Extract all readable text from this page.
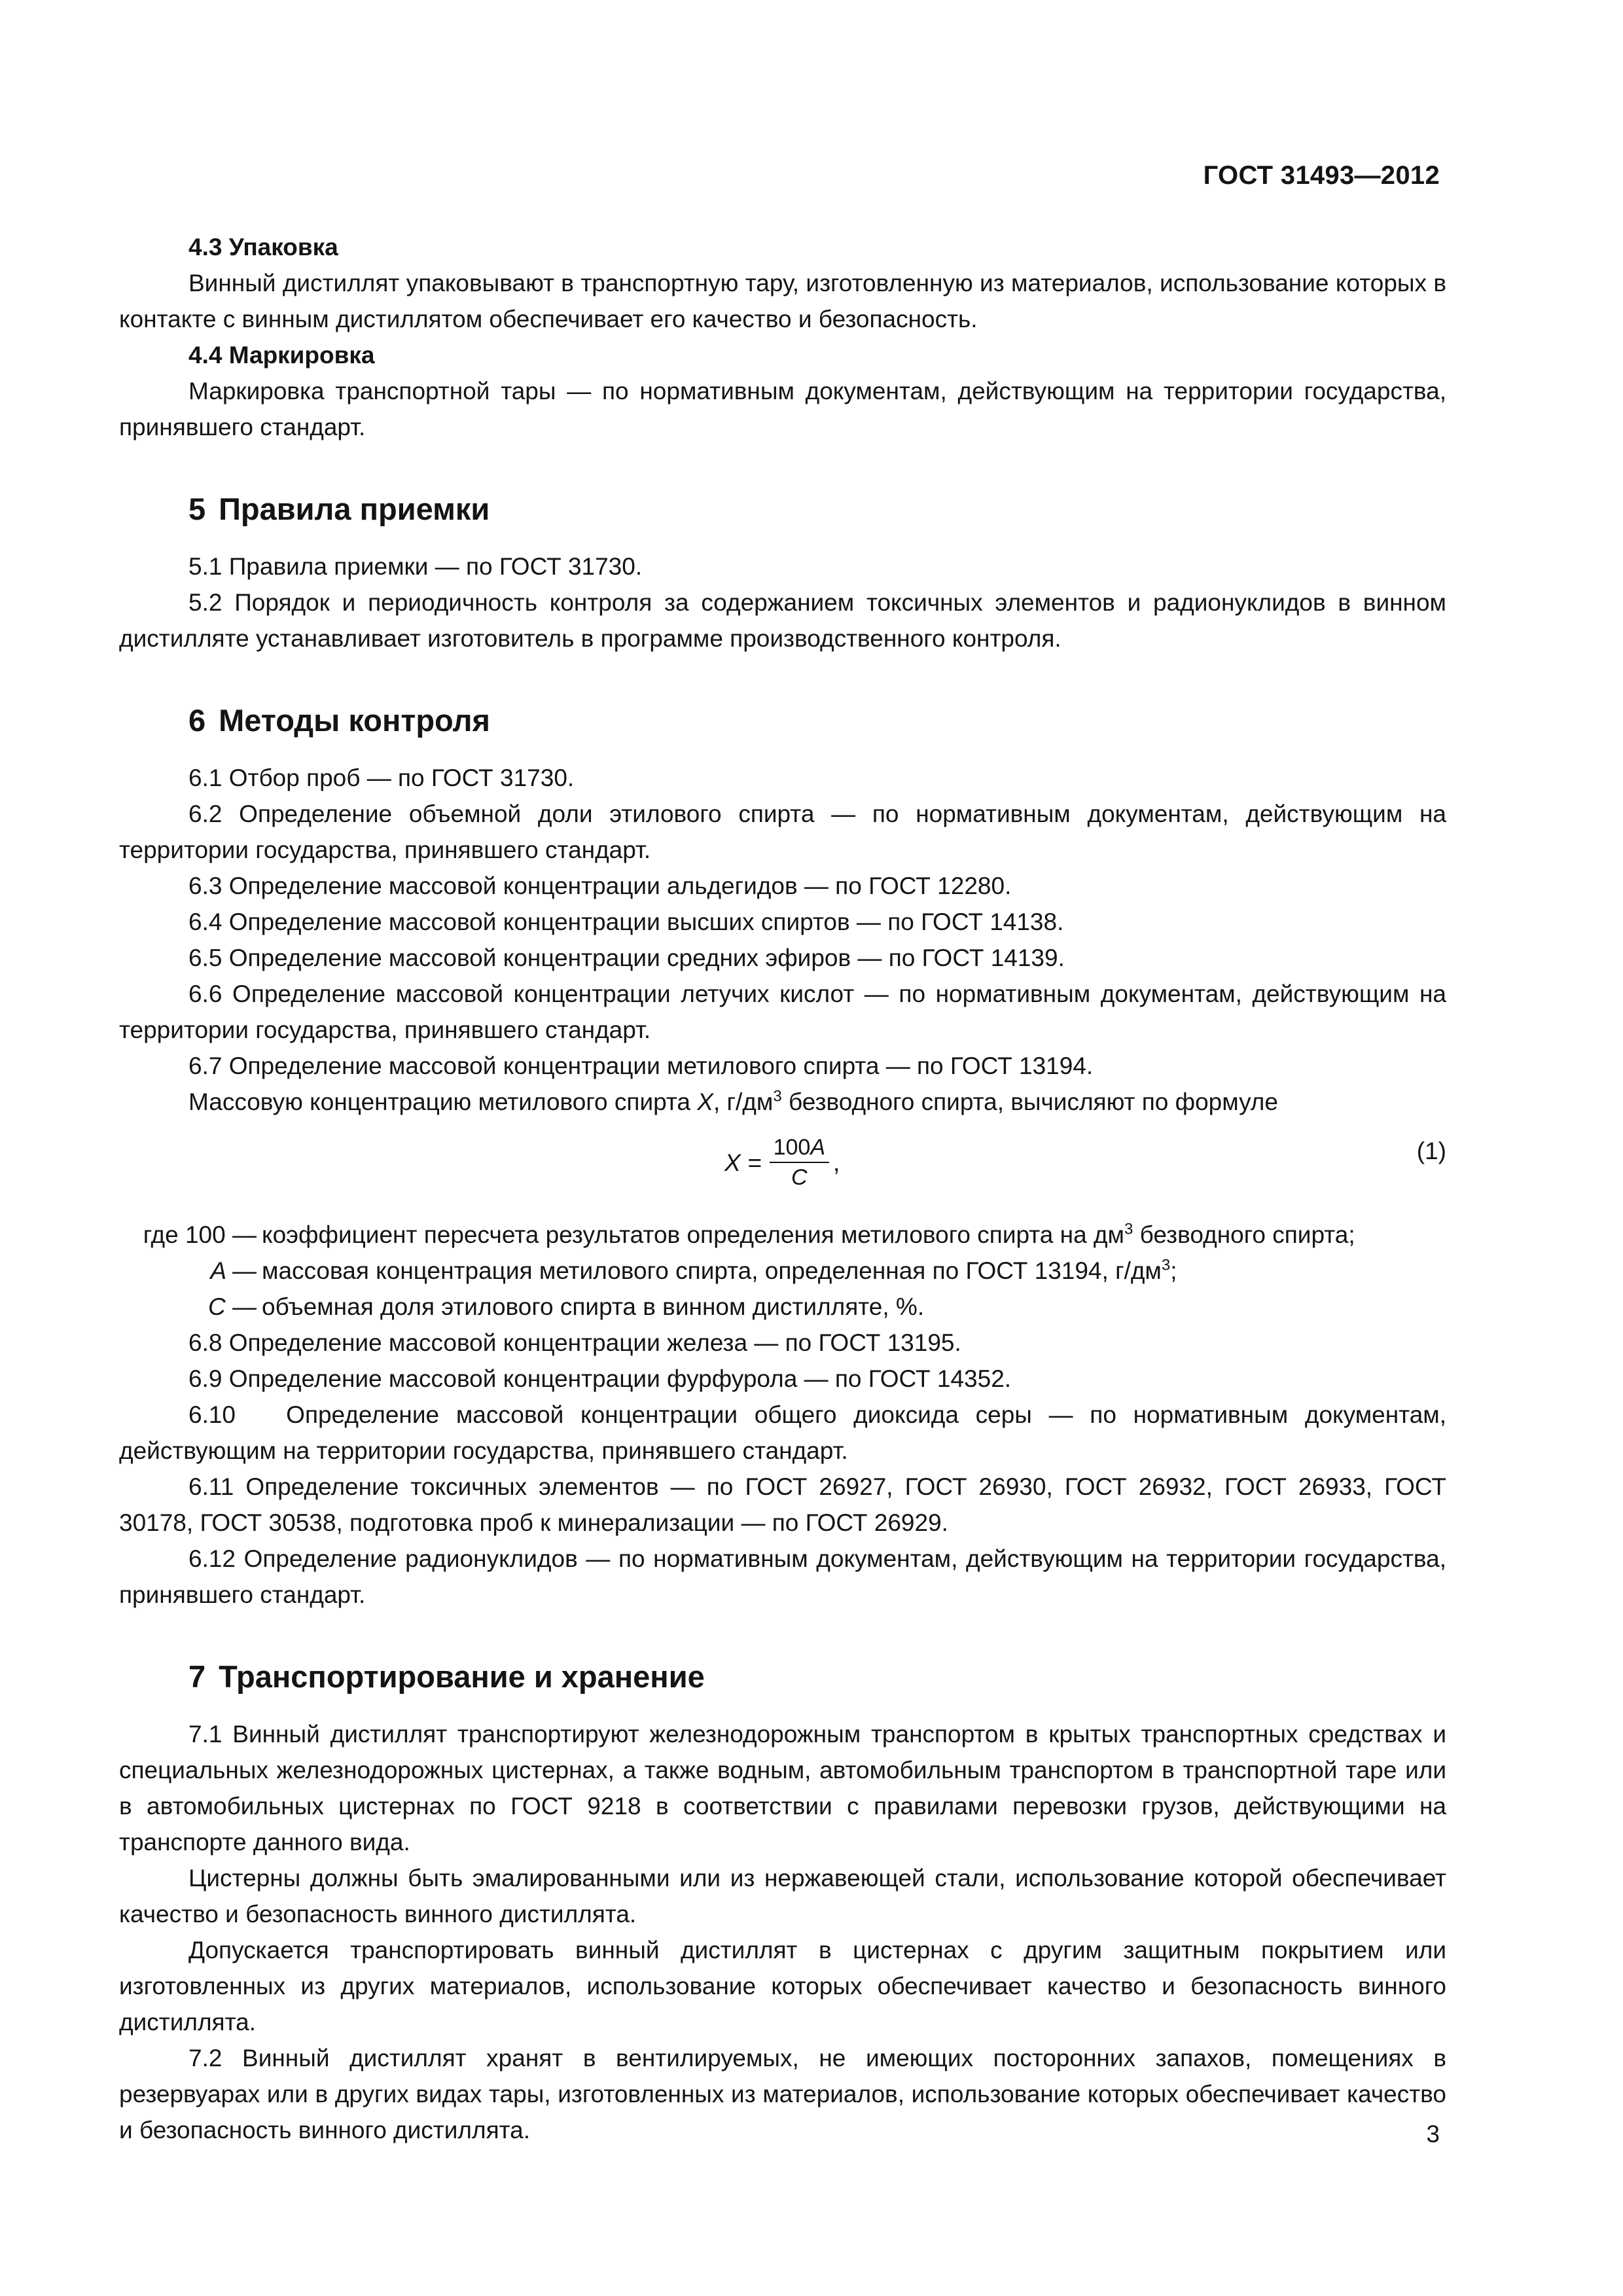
ГОСТ 31493—2012

4.3 Упаковка

Винный дистиллят упаковывают в транспортную тару, изготовленную из материалов, использование которых в контакте с винным дистиллятом обеспечивает его качество и безопасность.

4.4 Маркировка

Маркировка транспортной тары — по нормативным документам, действующим на территории государства, принявшего стандарт.

5 Правила приемки

5.1 Правила приемки — по ГОСТ 31730.

5.2 Порядок и периодичность контроля за содержанием токсичных элементов и радионуклидов в винном дистилляте устанавливает изготовитель в программе производственного контроля.

6 Методы контроля

6.1 Отбор проб — по ГОСТ 31730.

6.2 Определение объемной доли этилового спирта — по нормативным документам, действующим на территории государства, принявшего стандарт.

6.3 Определение массовой концентрации альдегидов — по ГОСТ 12280.

6.4 Определение массовой концентрации высших спиртов — по ГОСТ 14138.

6.5 Определение массовой концентрации средних эфиров — по ГОСТ 14139.

6.6 Определение массовой концентрации летучих кислот — по нормативным документам, действующим на территории государства, принявшего стандарт.

6.7 Определение массовой концентрации метилового спирта — по ГОСТ 13194.

Массовую концентрацию метилового спирта X, $г/дм^3$ безводного спирта, вычисляют по формуле

$X = \frac{100A}{C}$ ,	(1)
где 100 — коэффициент пересчета результатов определения метилового спирта на $дм^3$ безводного спирта;
A — массовая концентрация метилового спирта, определенная по ГОСТ 13194, $г/дм^3$;
C — объемная доля этилового спирта в винном дистилляте, %.

6.8 Определение массовой концентрации железа — по ГОСТ 13195.

6.9 Определение массовой концентрации фурфурола — по ГОСТ 14352.

6.10   Определение массовой концентрации общего диоксида серы — по нормативным документам, действующим на территории государства, принявшего стандарт.

6.11 Определение токсичных элементов — по ГОСТ 26927, ГОСТ 26930, ГОСТ 26932, ГОСТ 26933, ГОСТ 30178, ГОСТ 30538, подготовка проб к минерализации — по ГОСТ 26929.

6.12 Определение радионуклидов — по нормативным документам, действующим на территории государства, принявшего стандарт.

7 Транспортирование и хранение

7.1 Винный дистиллят транспортируют железнодорожным транспортом в крытых транспортных средствах и специальных железнодорожных цистернах, а также водным, автомобильным транспортом в транспортной таре или в автомобильных цистернах по ГОСТ 9218 в соответствии с правилами перевозки грузов, действующими на транспорте данного вида.

Цистерны должны быть эмалированными или из нержавеющей стали, использование которой обеспечивает качество и безопасность винного дистиллята.

Допускается транспортировать винный дистиллят в цистернах с другим защитным покрытием или изготовленных из других материалов, использование которых обеспечивает качество и безопасность винного дистиллята.

7.2 Винный дистиллят хранят в вентилируемых, не имеющих посторонних запахов, помещениях в резервуарах или в других видах тары, изготовленных из материалов, использование которых обеспечивает качество и безопасность винного дистиллята.	3
